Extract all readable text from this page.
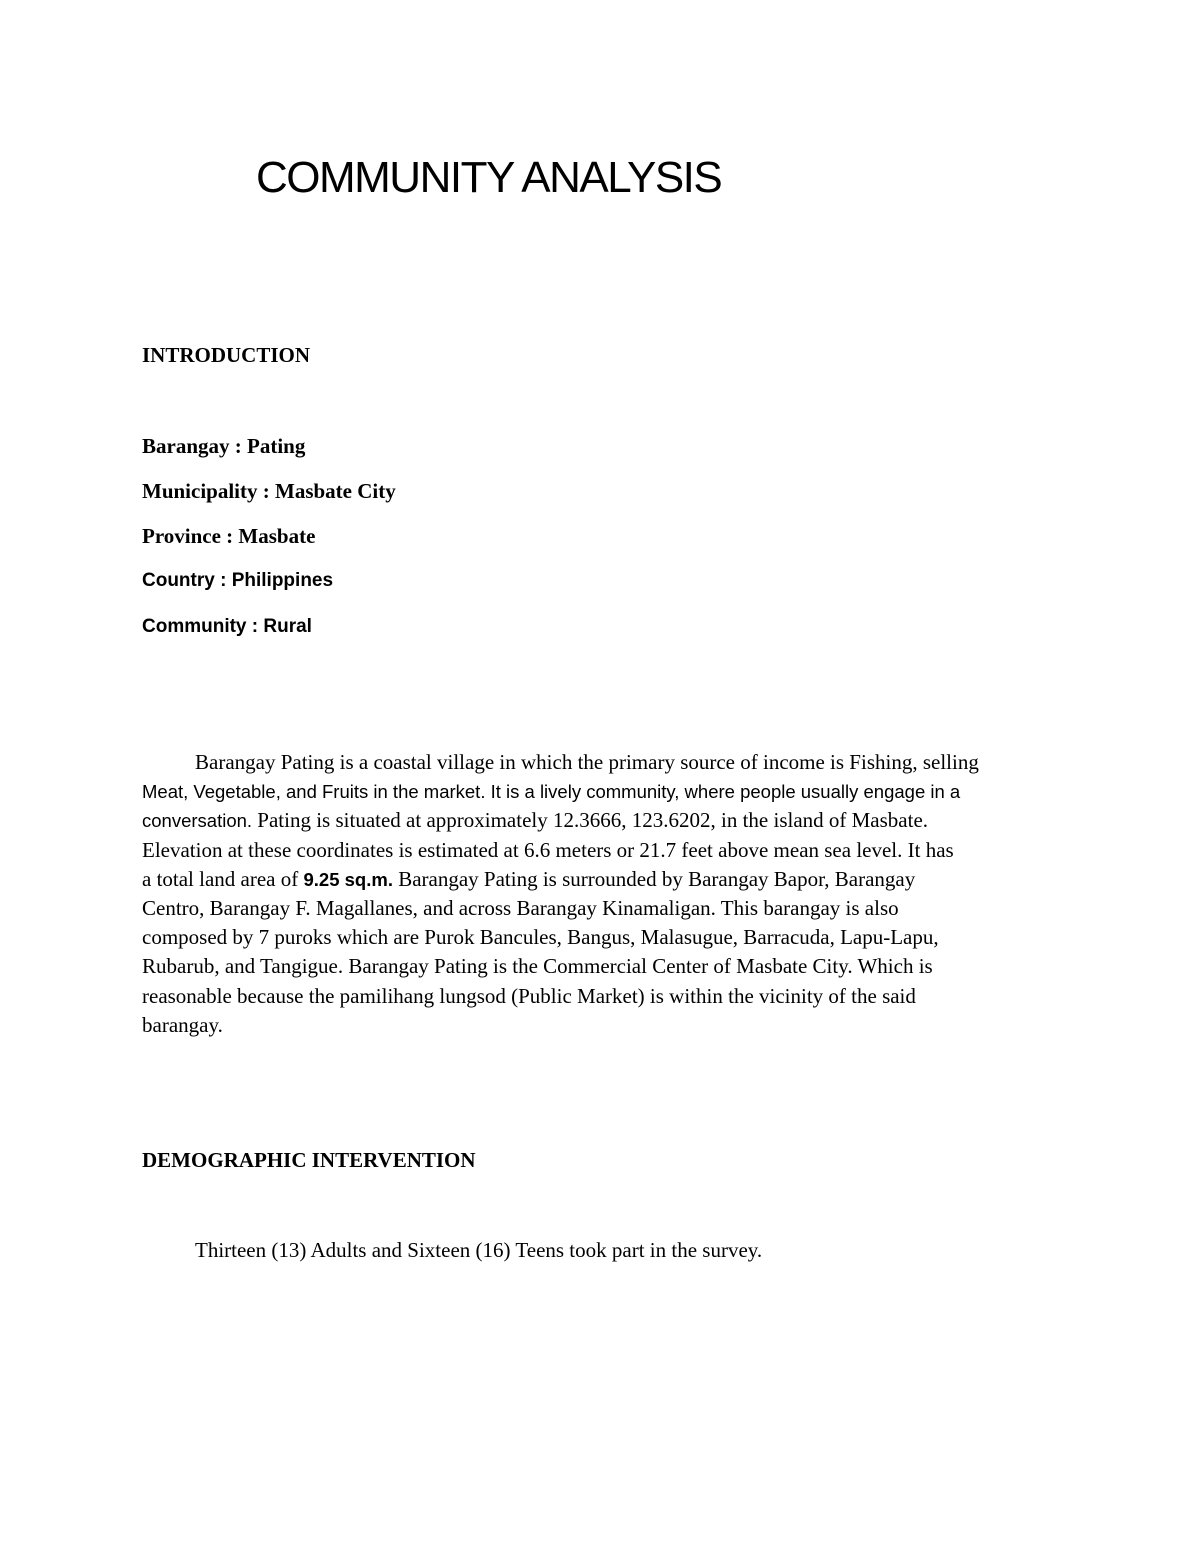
COMMUNITY ANALYSIS
INTRODUCTION
Barangay : Pating
Municipality : Masbate City
Province : Masbate
Country : Philippines
Community : Rural
Barangay Pating is a coastal village in which the primary source of income is Fishing, selling
Meat, Vegetable, and Fruits in the market. It is a lively community, where people usually engage in a
conversation. Pating is situated at approximately 12.3666, 123.6202, in the island of Masbate.
Elevation at these coordinates is estimated at 6.6 meters or 21.7 feet above mean sea level. It has
a total land area of 9.25 sq.m. Barangay Pating is surrounded by Barangay Bapor, Barangay
Centro, Barangay F. Magallanes, and across Barangay Kinamaligan. This barangay is also
composed by 7 puroks which are Purok Bancules, Bangus, Malasugue, Barracuda, Lapu-Lapu,
Rubarub, and Tangigue. Barangay Pating is the Commercial Center of Masbate City. Which is
reasonable because the pamilihang lungsod (Public Market) is within the vicinity of the said
barangay.
DEMOGRAPHIC INTERVENTION
Thirteen (13) Adults and Sixteen (16) Teens took part in the survey.
